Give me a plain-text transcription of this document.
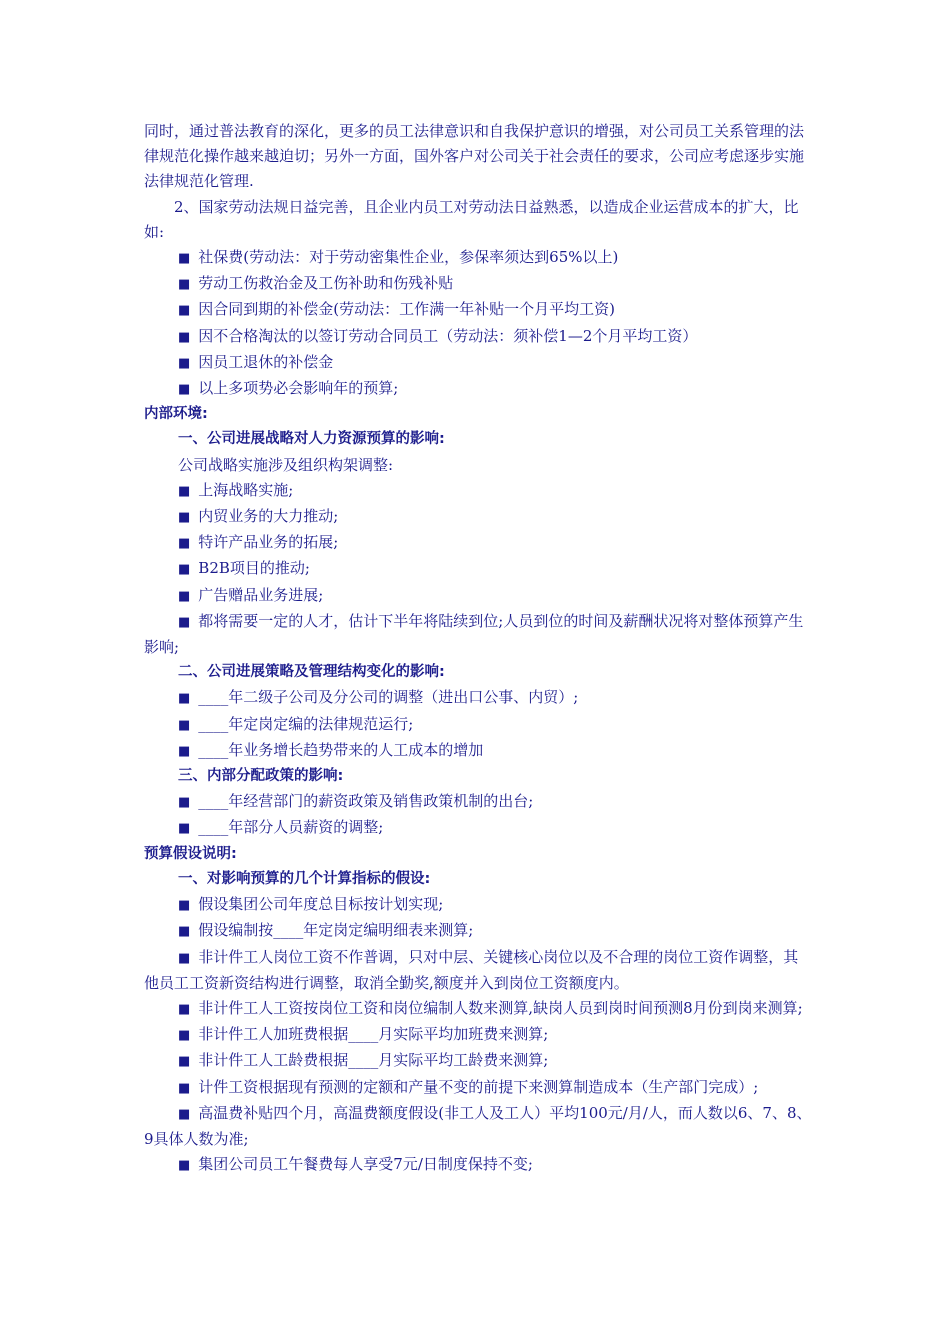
同时，通过普法教育的深化，更多的员工法律意识和自我保护意识的增强，对公司员工关系管理的法律规范化操作越来越迫切；另外一方面，国外客户对公司关于社会责任的要求，公司应考虑逐步实施法律规范化管理.

2、国家劳动法规日益完善，且企业内员工对劳动法日益熟悉，以造成企业运营成本的扩大，比如:

■ 社保费(劳动法：对于劳动密集性企业，参保率须达到65%以上)

■ 劳动工伤救治金及工伤补助和伤残补贴

■ 因合同到期的补偿金(劳动法：工作满一年补贴一个月平均工资)

■ 因不合格淘汰的以签订劳动合同员工（劳动法：须补偿1—2个月平均工资）

■ 因员工退休的补偿金

■ 以上多项势必会影响年的预算;

内部环境:

一、公司进展战略对人力资源预算的影响:

公司战略实施涉及组织构架调整:

■ 上海战略实施;

■ 内贸业务的大力推动;

■ 特许产品业务的拓展;

■ B2B项目的推动;

■ 广告赠品业务进展;

■ 都将需要一定的人才，估计下半年将陆续到位;人员到位的时间及薪酬状况将对整体预算产生影响;

二、公司进展策略及管理结构变化的影响:

■ ____年二级子公司及分公司的调整（进出口公事、内贸）;

■ ____年定岗定编的法律规范运行;

■ ____年业务增长趋势带来的人工成本的增加

三、内部分配政策的影响:

■ ____年经营部门的薪资政策及销售政策机制的出台;

■ ____年部分人员薪资的调整;

预算假设说明:

一、对影响预算的几个计算指标的假设:

■ 假设集团公司年度总目标按计划实现;

■ 假设编制按____年定岗定编明细表来测算;

■ 非计件工人岗位工资不作普调，只对中层、关键核心岗位以及不合理的岗位工资作调整，其他员工工资新资结构进行调整，取消全勤奖,额度并入到岗位工资额度内。

■ 非计件工人工资按岗位工资和岗位编制人数来测算,缺岗人员到岗时间预测8月份到岗来测算;

■ 非计件工人加班费根据____月实际平均加班费来测算;

■ 非计件工人工龄费根据____月实际平均工龄费来测算;

■ 计件工资根据现有预测的定额和产量不变的前提下来测算制造成本（生产部门完成）;

■ 高温费补贴四个月，高温费额度假设(非工人及工人）平均100元/月/人，而人数以6、7、8、9具体人数为准;

■ 集团公司员工午餐费每人享受7元/日制度保持不变;
